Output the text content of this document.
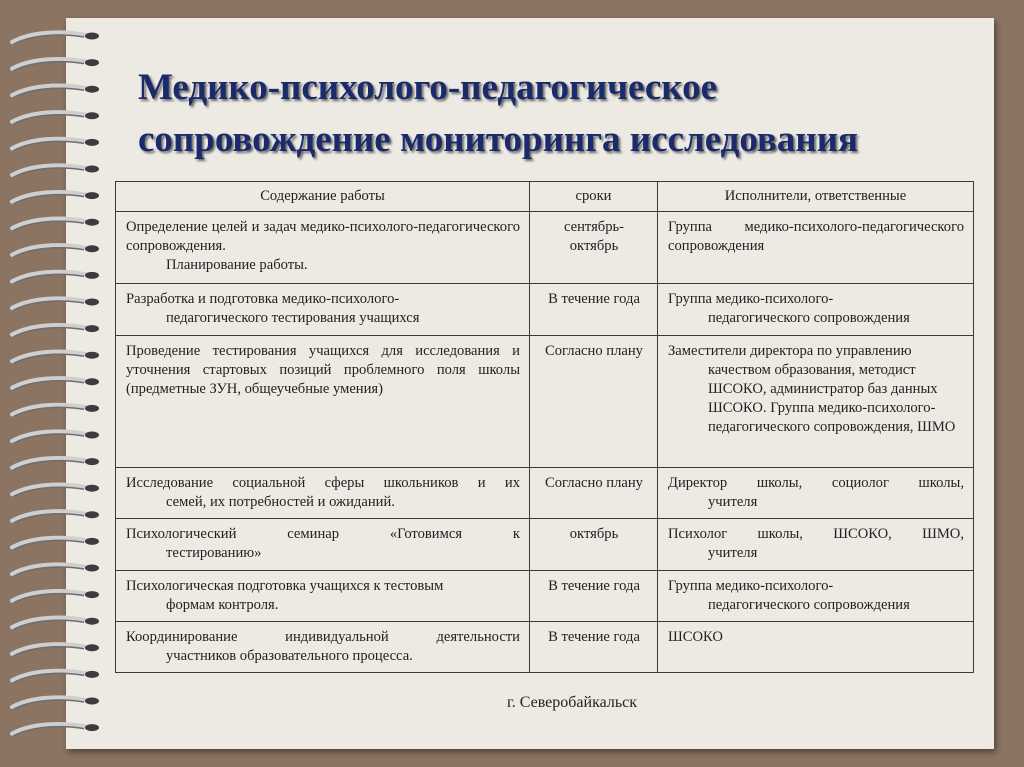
Медико-психолого-педагогическое
сопровождение мониторинга исследования
Содержание работы	сроки	Исполнители, ответственные
Определение целей и задач медико-психолого-педагогического сопровождения.
Планирование работы.	сентябрь-октябрь	Группа медико-психолого-педагогического сопровождения

Разработка и подготовка медико-психолого-
педагогического тестирования учащихся	В течение года	Группа медико-психолого-
педагогического сопровождения

Проведение тестирования учащихся для исследования и уточнения стартовых позиций проблемного поля школы (предметные ЗУН, общеучебные умения)	Согласно плану	Заместители директора по управлению
качеством образования, методист ШСОКО, администратор баз данных ШСОКО. Группа медико-психолого-педагогического сопровождения, ШМО

Исследование социальной сферы школьников и их
семей, их потребностей и ожиданий.	Согласно плану	Директор школы, социолог школы,
учителя

Психологический семинар «Готовимся к
тестированию»	октябрь	Психолог школы, ШСОКО, ШМО,
учителя

Психологическая подготовка учащихся к тестовым
формам контроля.	В течение года	Группа медико-психолого-
педагогического сопровождения

Координирование индивидуальной деятельности
участников образовательного процесса.	В течение года	ШСОКО
г. Северобайкальск
